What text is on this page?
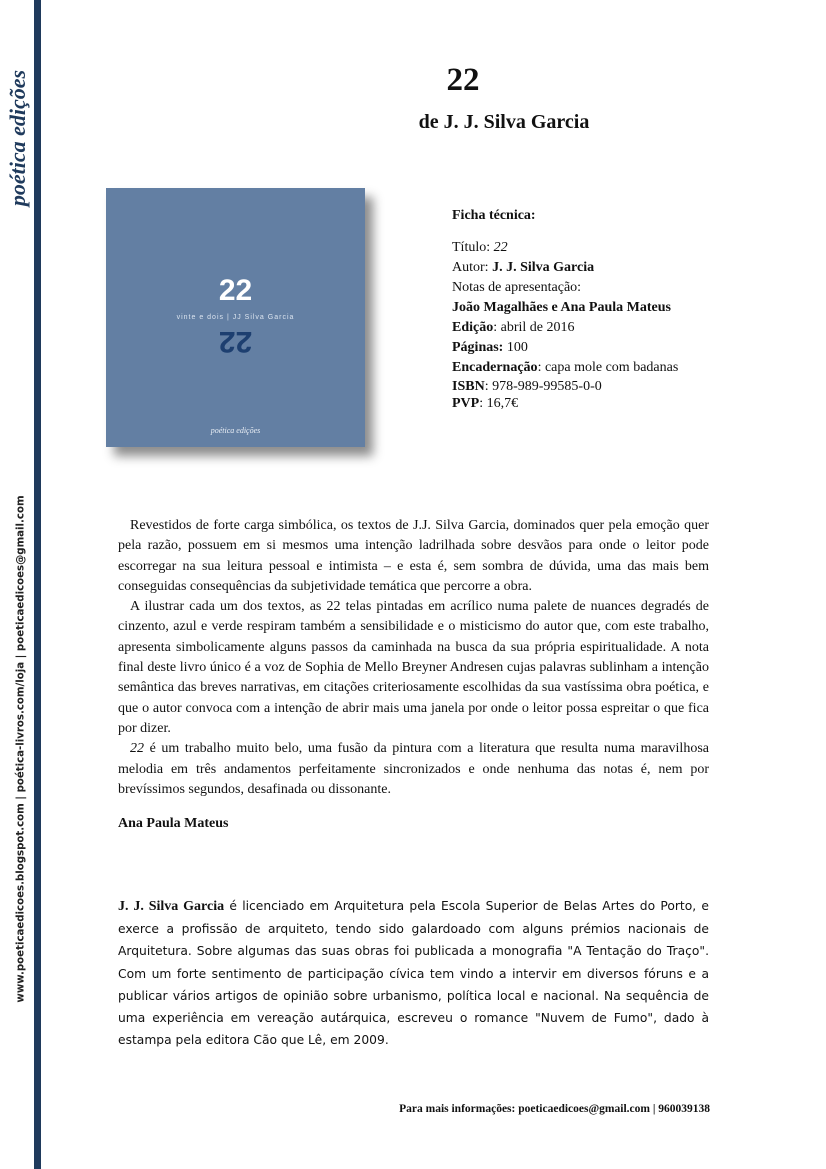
poética edições
www.poeticaedicoes.blogspot.com | poética-livros.com/loja | poeticaedicoes@gmail.com
22
de J. J. Silva Garcia
22
vinte e dois | JJ Silva Garcia
22
poética edições
Ficha técnica:
Título: 22
Autor: J. J. Silva Garcia
Notas de apresentação:
João Magalhães e Ana Paula Mateus
Edição: abril de 2016
Páginas: 100
Encadernação: capa mole com badanas
ISBN: 978-989-99585-0-0
PVP: 16,7€

Revestidos de forte carga simbólica, os textos de J.J. Silva Garcia, dominados quer pela emoção quer pela razão, possuem em si mesmos uma intenção ladrilhada sobre desvãos para onde o leitor pode escorregar na sua leitura pessoal e intimista – e esta é, sem sombra de dúvida, uma das mais bem conseguidas consequências da subjetividade temática que percorre a obra.

A ilustrar cada um dos textos, as 22 telas pintadas em acrílico numa palete de nuances degradés de cinzento, azul e verde respiram também a sensibilidade e o misticismo do autor que, com este trabalho, apresenta simbolicamente alguns passos da caminhada na busca da sua própria espiritualidade. A nota final deste livro único é a voz de Sophia de Mello Breyner Andresen cujas palavras sublinham a intenção semântica das breves narrativas, em citações criteriosamente escolhidas da sua vastíssima obra poética, e que o autor convoca com a intenção de abrir mais uma janela por onde o leitor possa espreitar o que fica por dizer.

22 é um trabalho muito belo, uma fusão da pintura com a literatura que resulta numa maravilhosa melodia em três andamentos perfeitamente sincronizados e onde nenhuma das notas é, nem por brevíssimos segundos, desafinada ou dissonante.

Ana Paula Mateus
J. J. Silva Garcia é licenciado em Arquitetura pela Escola Superior de Belas Artes do Porto, e exerce a profissão de arquiteto, tendo sido galardoado com alguns prémios nacionais de Arquitetura. Sobre algumas das suas obras foi publicada a monografia "A Tentação do Traço". Com um forte sentimento de participação cívica tem vindo a intervir em diversos fóruns e a publicar vários artigos de opinião sobre urbanismo, política local e nacional. Na sequência de uma experiência em vereação autárquica, escreveu o romance "Nuvem de Fumo", dado à estampa pela editora Cão que Lê, em 2009.
Para mais informações: poeticaedicoes@gmail.com | 960039138
